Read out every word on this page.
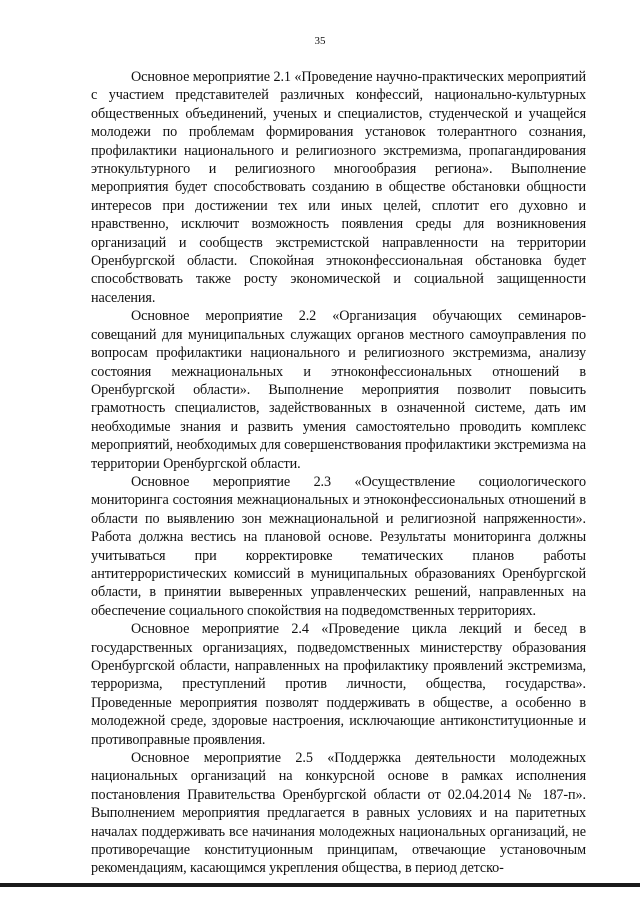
35

Основное мероприятие 2.1 «Проведение научно-практических мероприятий с участием представителей различных конфессий, национально-культурных общественных объединений, ученых и специалистов, студенческой и учащейся молодежи по проблемам формирования установок толерантного сознания, профилактики национального и религиозного экстремизма, пропагандирования этнокультурного и религиозного многообразия региона». Выполнение мероприятия будет способствовать созданию в обществе обстановки общности интересов при достижении тех или иных целей, сплотит его духовно и нравственно, исключит возможность появления среды для возникновения организаций и сообществ экстремистской направленности на территории Оренбургской области. Спокойная этноконфессиональная обстановка будет способствовать также росту экономической и социальной защищенности населения.

Основное мероприятие 2.2 «Организация обучающих семинаров-совещаний для муниципальных служащих органов местного самоуправления по вопросам профилактики национального и религиозного экстремизма, анализу состояния межнациональных и этноконфессиональных отношений в Оренбургской области». Выполнение мероприятия позволит повысить грамотность специалистов, задействованных в означенной системе, дать им необходимые знания и развить умения самостоятельно проводить комплекс мероприятий, необходимых для совершенствования профилактики экстремизма на территории Оренбургской области.

Основное мероприятие 2.3 «Осуществление социологического мониторинга состояния межнациональных и этноконфессиональных отношений в области по выявлению зон межнациональной и религиозной напряженности». Работа должна вестись на плановой основе. Результаты мониторинга должны учитываться при корректировке тематических планов работы антитеррористических комиссий в муниципальных образованиях Оренбургской области, в принятии выверенных управленческих решений, направленных на обеспечение социального спокойствия на подведомственных территориях.

Основное мероприятие 2.4 «Проведение цикла лекций и бесед в государственных организациях, подведомственных министерству образования Оренбургской области, направленных на профилактику проявлений экстремизма, терроризма, преступлений против личности, общества, государства». Проведенные мероприятия позволят поддерживать в обществе, а особенно в молодежной среде, здоровые настроения, исключающие антиконституционные и противоправные проявления.

Основное мероприятие 2.5 «Поддержка деятельности молодежных национальных организаций на конкурсной основе в рамках исполнения постановления Правительства Оренбургской области от 02.04.2014 № 187-п». Выполнением мероприятия предлагается в равных условиях и на паритетных началах поддерживать все начинания молодежных национальных организаций, не противоречащие конституционным принципам, отвечающие установочным рекомендациям, касающимся укрепления общества, в период детско-
